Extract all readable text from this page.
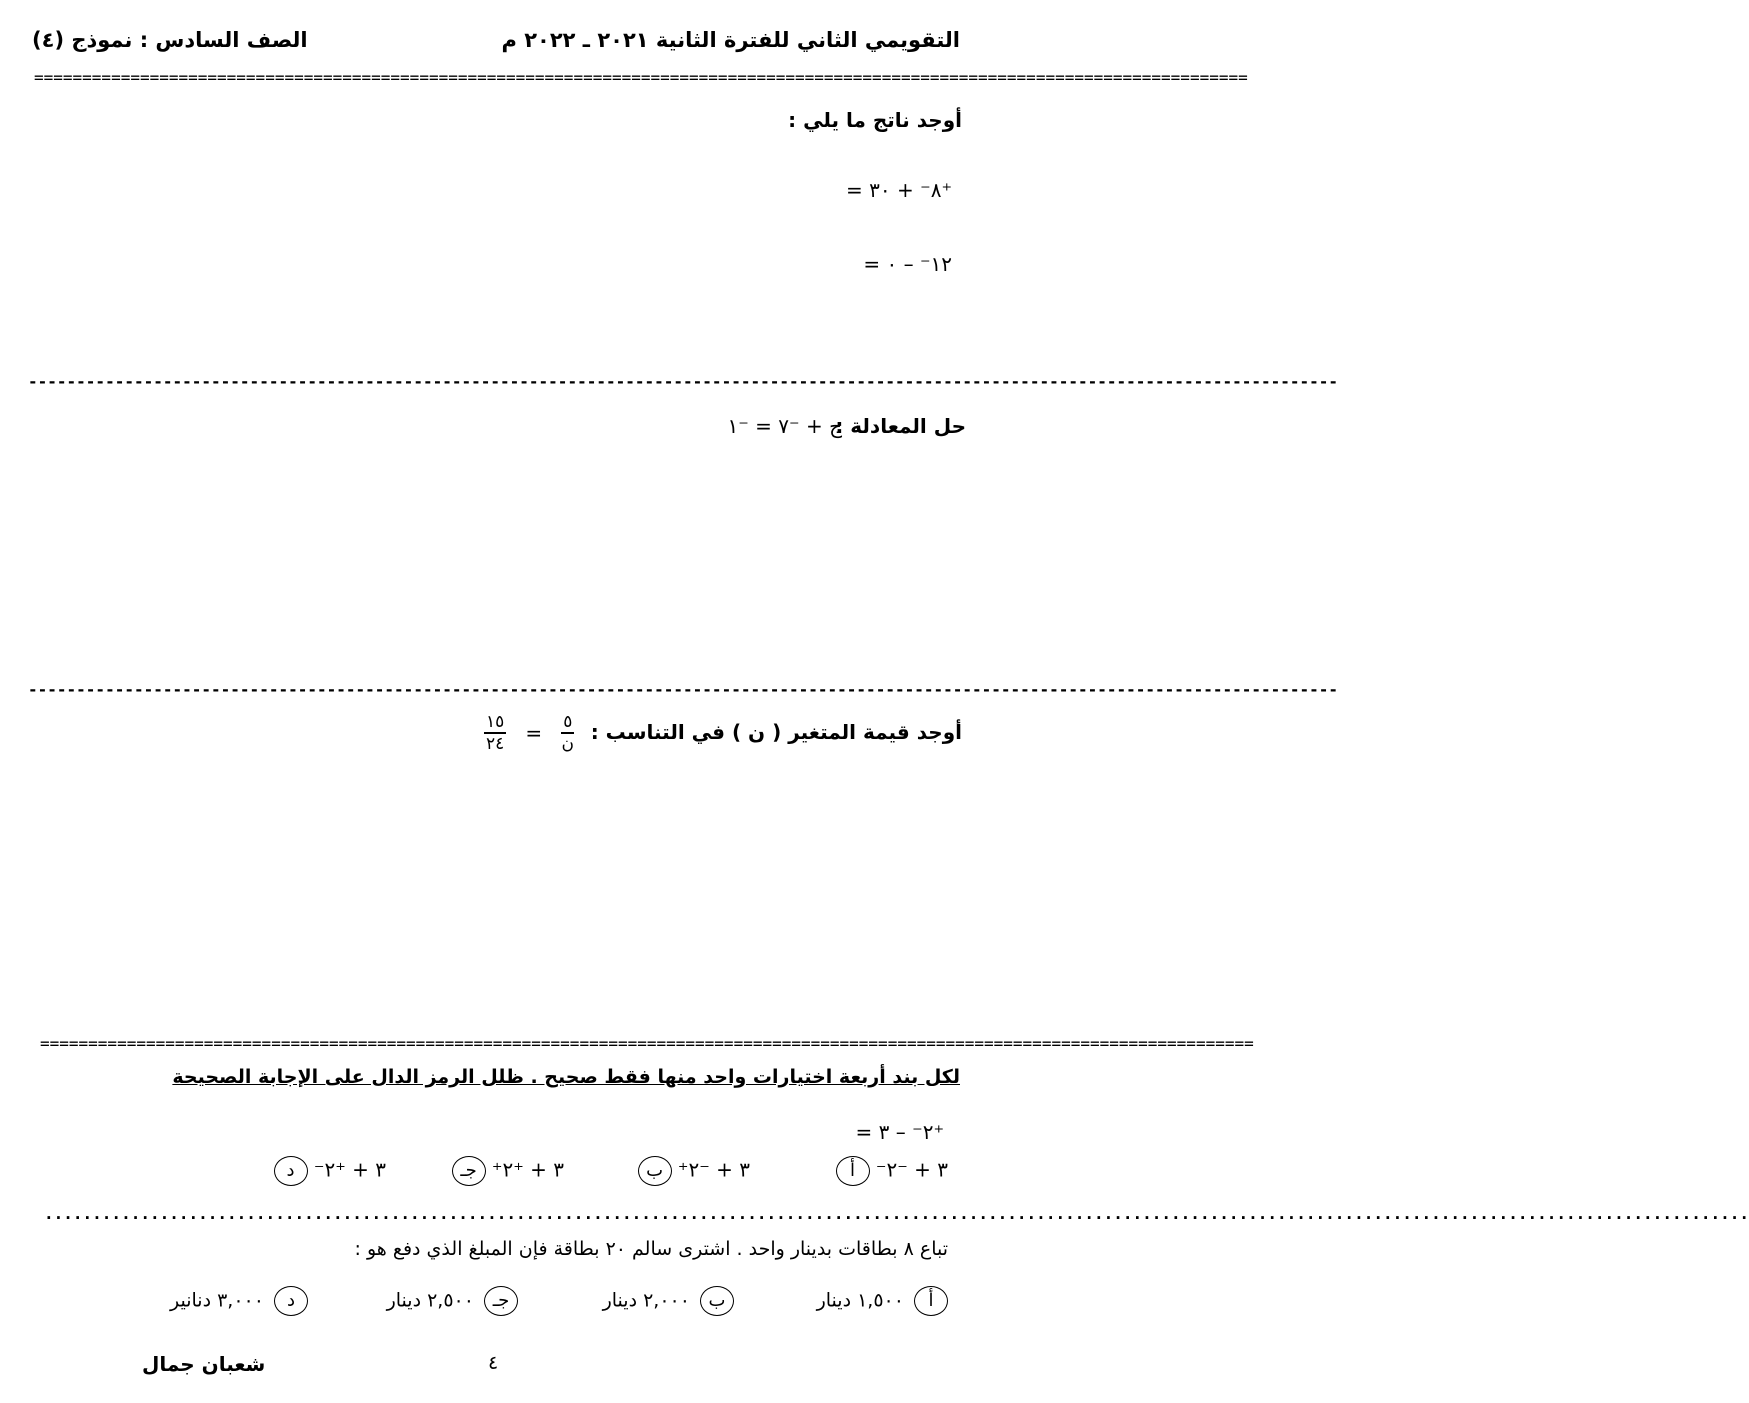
التقويمي الثاني للفترة الثانية ٢٠٢١ ـ ٢٠٢٢ م
الصف السادس : نموذج (٤)
==============================================================================================================================
أوجد ناتج ما يلي :
= ٨⁻ + ٣٠⁺
= ١٢⁻ – ٠
----------------------------------------------------------------------------------------------------------------------------------------
حل المعادلة :
ج + ⁻٧ = ⁻١
----------------------------------------------------------------------------------------------------------------------------------------
أوجد قيمة المتغير ( ن ) في التناسب :
$\frac{١٥}{٢٤} = \frac{٥}{\text{ن}}$
==============================================================================================================================
لكل بند أربعة اختيارات واحد منها فقط صحيح . ظلل الرمز الدال على الإجابة الصحيحة
= ٢⁻ – ٣⁺
أ ⁻٣ + ⁻٢
ب ⁺٣ + ⁻٢
جـ ⁺٣ + ⁺٢
د ⁻٣ + ⁺٢
.................................................................................................................................................................................
تباع ٨ بطاقات بدينار واحد . اشترى سالم ٢٠ بطاقة فإن المبلغ الذي دفع هو :
أ ١,٥٠٠ دينار
ب ٢,٠٠٠ دينار
جـ ٢,٥٠٠ دينار
د ٣,٠٠٠ دنانير
٤
شعبان جمال
